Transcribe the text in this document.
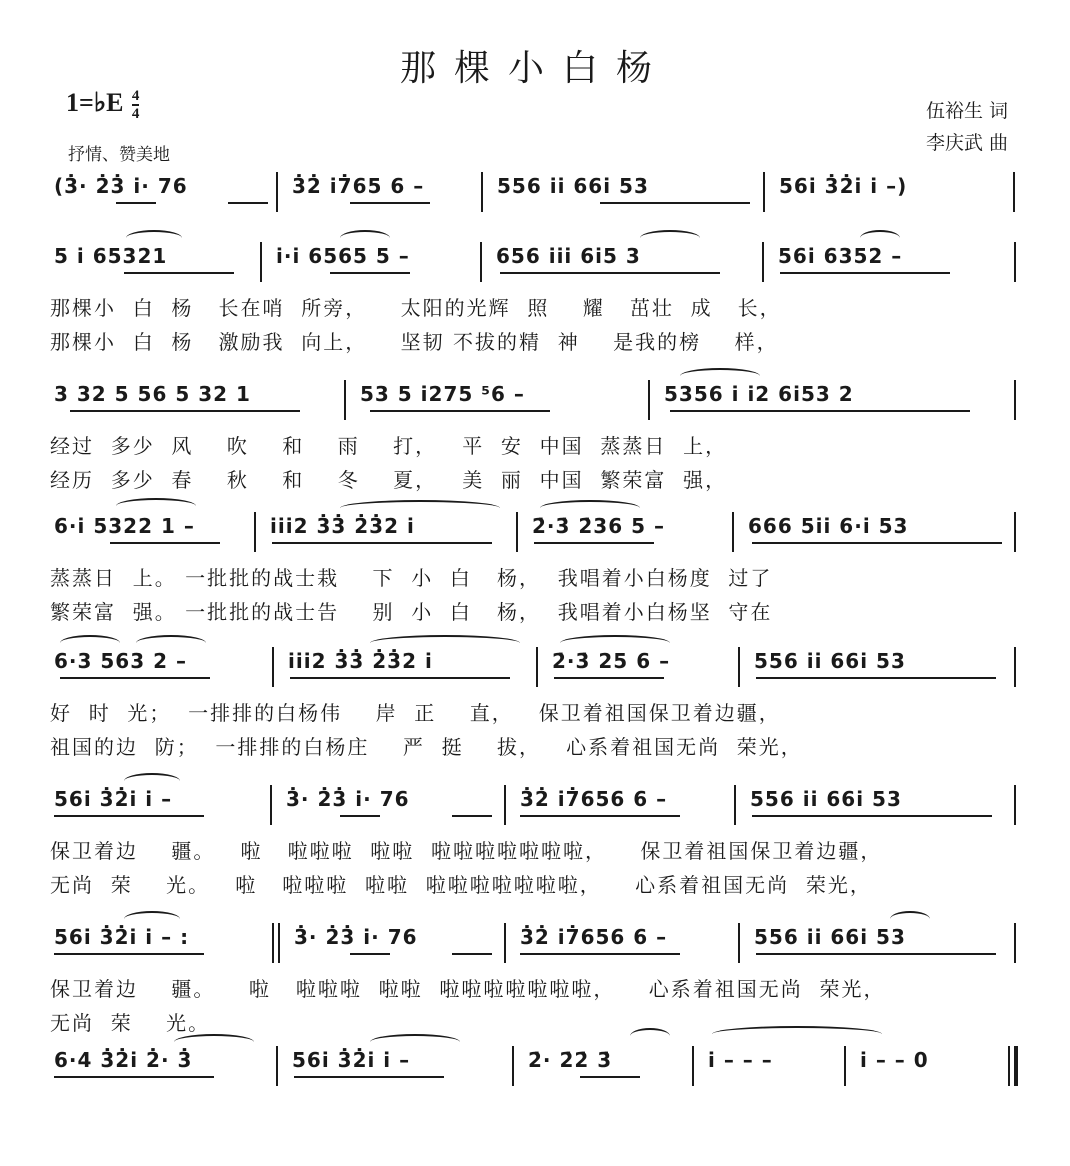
那棵小白杨
1=♭E $\frac{4}{4}$
抒情、赞美地
伍裕生 词
李庆武 曲
(3̇· 2̇3̇ i· 76	3̇2̇ i7̇65 6 –	556 ii 66i 53	56i 3̇2̇i i –)
5 i 65321	i·i 6565 5 –	656 iii 6i5 3	56i 6352 –
那棵小  白  杨   长在哨  所旁，    太阳的光辉  照    耀   茁壮  成   长，
那棵小  白  杨   激励我  向上，    坚韧 不拔的精  神    是我的榜    样，
3 32 5 56 5 32 1	53 5 i275 ⁵6 –	5356 i i2 6i53 2
经过  多少  风    吹    和    雨    打，   平  安  中国  蒸蒸日  上，
经历  多少  春    秋    和    冬    夏，   美  丽  中国  繁荣富  强，
6·i 5322 1 –	iii2 3̇3̇ 2̇3̇2 i	2̇·3̇ 2̇36 5 –	666 5ii 6·i 53
蒸蒸日  上。 一批批的战士栽    下  小  白   杨，  我唱着小白杨度  过了
繁荣富  强。 一批批的战士告    别  小  白   杨，  我唱着小白杨坚  守在
6·3 563 2 –	iii2 3̇3̇ 2̇3̇2 i	2̇·3̇ 25 6 –	556 ii 66i 53
好  时  光；  一排排的白杨伟    岸  正    直，   保卫着祖国保卫着边疆，
祖国的边  防；  一排排的白杨庄    严  挺    拔，   心系着祖国无尚  荣光，
56i 3̇2̇i i –	3̇· 2̇3̇ i· 76	3̇2̇ i7̇656 6 –	556 ii 66i 53
保卫着边    疆。   啦   啦啦啦  啦啦  啦啦啦啦啦啦啦，    保卫着祖国保卫着边疆，
无尚  荣    光。   啦   啦啦啦  啦啦  啦啦啦啦啦啦啦，    心系着祖国无尚  荣光，
56i 3̇2̇i i – :	3̇· 2̇3̇ i· 76	3̇2̇ i7̇656 6 –	556 ii 66i 53
保卫着边    疆。    啦   啦啦啦  啦啦  啦啦啦啦啦啦啦，    心系着祖国无尚  荣光，
无尚  荣    光。
6·4 3̇2̇i 2̇· 3̇	56i 3̇2̇i i –	2̇· 2̇2̇ 3̇	i – – –	i – – 0
